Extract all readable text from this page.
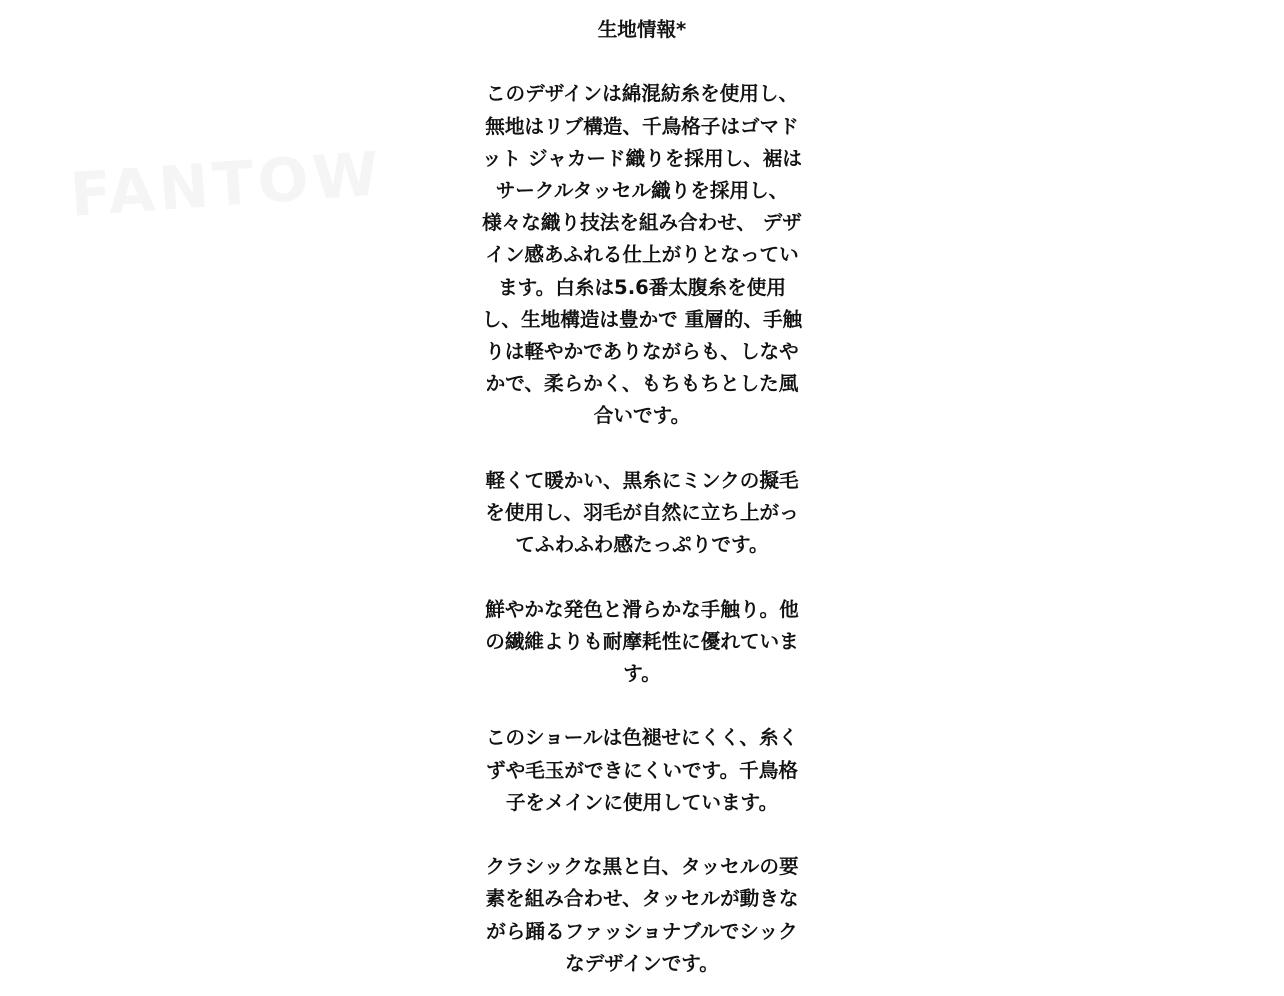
FANTOW
生地情報*
このデザインは綿混紡糸を使用し、
無地はリブ構造、千鳥格子はゴマド
ット ジャカード織りを採用し、裾は
サークルタッセル織りを採用し、
様々な織り技法を組み合わせ、 デザ
イン感あふれる仕上がりとなってい
ます。白糸は5.6番太腹糸を使用
し、生地構造は豊かで 重層的、手触
りは軽やかでありながらも、しなや
かで、柔らかく、もちもちとした風
合いです。
軽くて暖かい、黒糸にミンクの擬毛
を使用し、羽毛が自然に立ち上がっ
てふわふわ感たっぷりです。
鮮やかな発色と滑らかな手触り。他
の繊維よりも耐摩耗性に優れていま
す。
このショールは色褪せにくく、糸く
ずや毛玉ができにくいです。千鳥格
子をメインに使用しています。
クラシックな黒と白、タッセルの要
素を組み合わせ、タッセルが動きな
がら踊るファッショナブルでシック
なデザインです。
